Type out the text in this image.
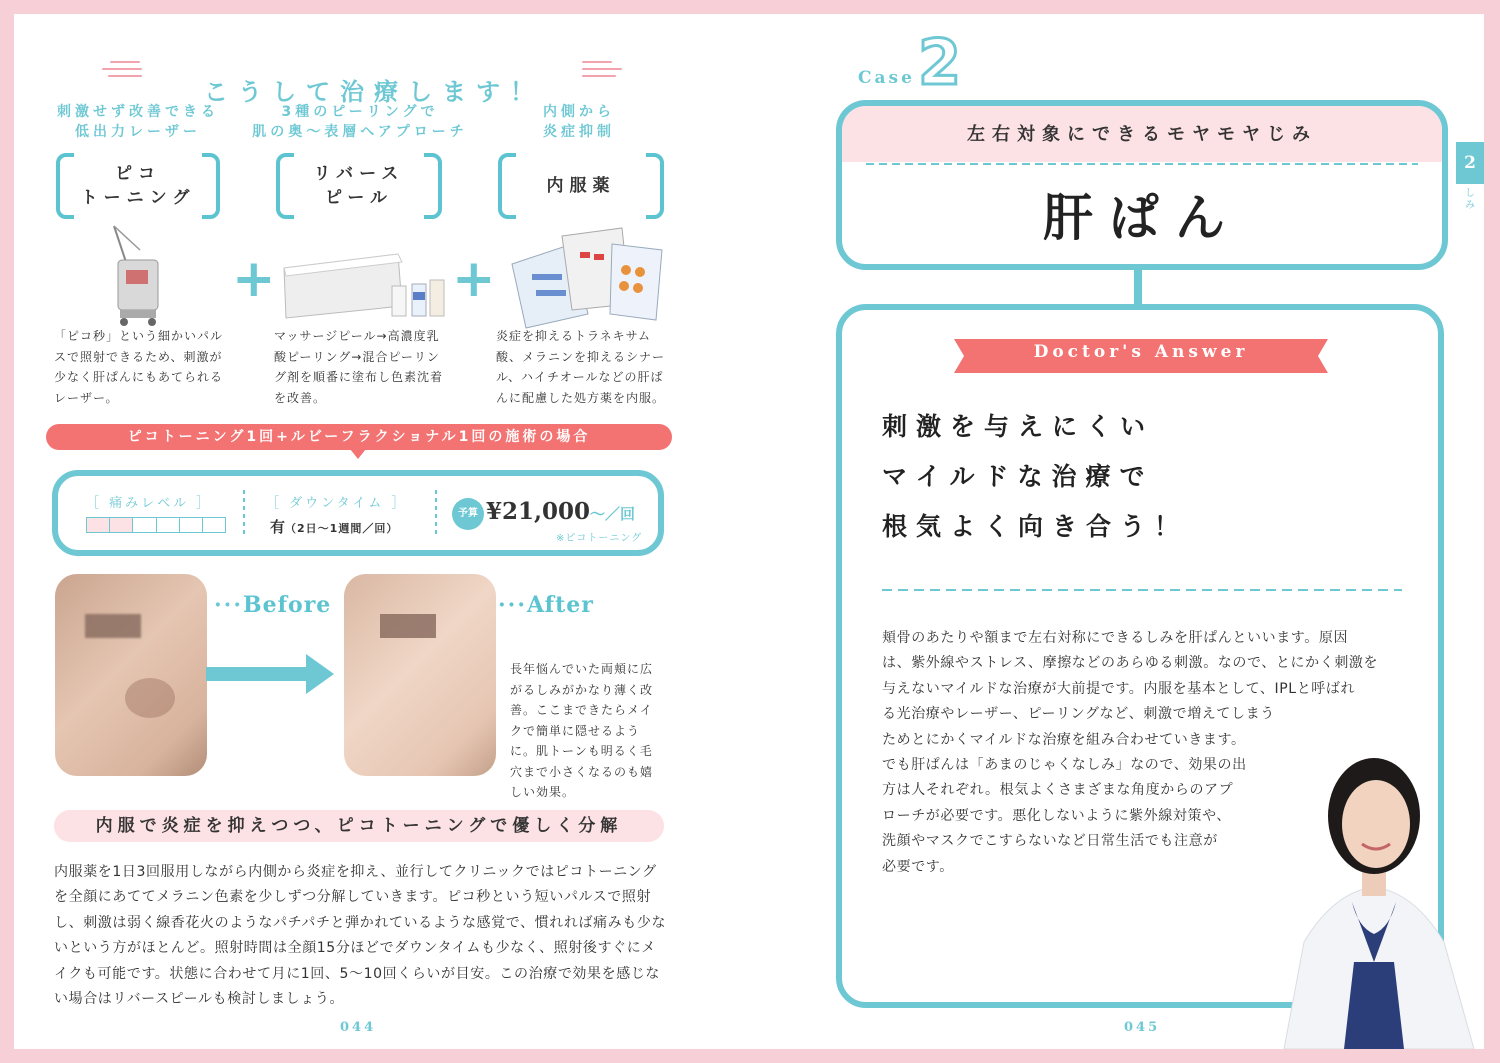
こうして治療します！
刺激せず改善できる
低出力レーザー
ピコ
トーニング
「ピコ秒」という細かいパルスで照射できるため、刺激が少なく肝ぱんにもあてられるレーザー。
+
3種のピーリングで
肌の奥～表層へアプローチ
リバース
ピール
マッサージピール→高濃度乳酸ピーリング→混合ピーリング剤を順番に塗布し色素沈着を改善。
+
内側から
炎症抑制
内服薬
炎症を抑えるトラネキサム酸、メラニンを抑えるシナール、ハイチオールなどの肝ぱんに配慮した処方薬を内服。
ピコトーニング1回+ルビーフラクショナル1回の施術の場合
［ 痛みレベル ］	［ ダウンタイム ］
有（2日～1週間／回）
予算 ¥21,000～／回
※ピコトーニング
···Before	···After
長年悩んでいた両頬に広がるしみがかなり薄く改善。ここまできたらメイクで簡単に隠せるように。肌トーンも明るく毛穴まで小さくなるのも嬉しい効果。
内服で炎症を抑えつつ、ピコトーニングで優しく分解
内服薬を1日3回服用しながら内側から炎症を抑え、並行してクリニックではピコトーニングを全顔にあててメラニン色素を少しずつ分解していきます。ピコ秒という短いパルスで照射し、刺激は弱く線香花火のようなパチパチと弾かれているような感覚で、慣れれば痛みも少ないという方がほとんど。照射時間は全顔15分ほどでダウンタイムも少なく、照射後すぐにメイクも可能です。状態に合わせて月に1回、5～10回くらいが目安。この治療で効果を感じない場合はリバースピールも検討しましょう。
044
Case 2
左右対象にできるモヤモヤじみ
肝ぱん
Doctor's Answer
刺激を与えにくい
マイルドな治療で
根気よく向き合う！
頬骨のあたりや額まで左右対称にできるしみを肝ぱんといいます。原因
は、紫外線やストレス、摩擦などのあらゆる刺激。なので、とにかく刺激を
与えないマイルドな治療が大前提です。内服を基本として、IPLと呼ばれ
る光治療やレーザー、ピーリングなど、刺激で増えてしまう
ためとにかくマイルドな治療を組み合わせていきます。
でも肝ぱんは「あまのじゃくなしみ」なので、効果の出
方は人それぞれ。根気よくさまざまな角度からのアプ
ローチが必要です。悪化しないように紫外線対策や、
洗顔やマスクでこすらないなど日常生活でも注意が
必要です。
2
しみ
045
